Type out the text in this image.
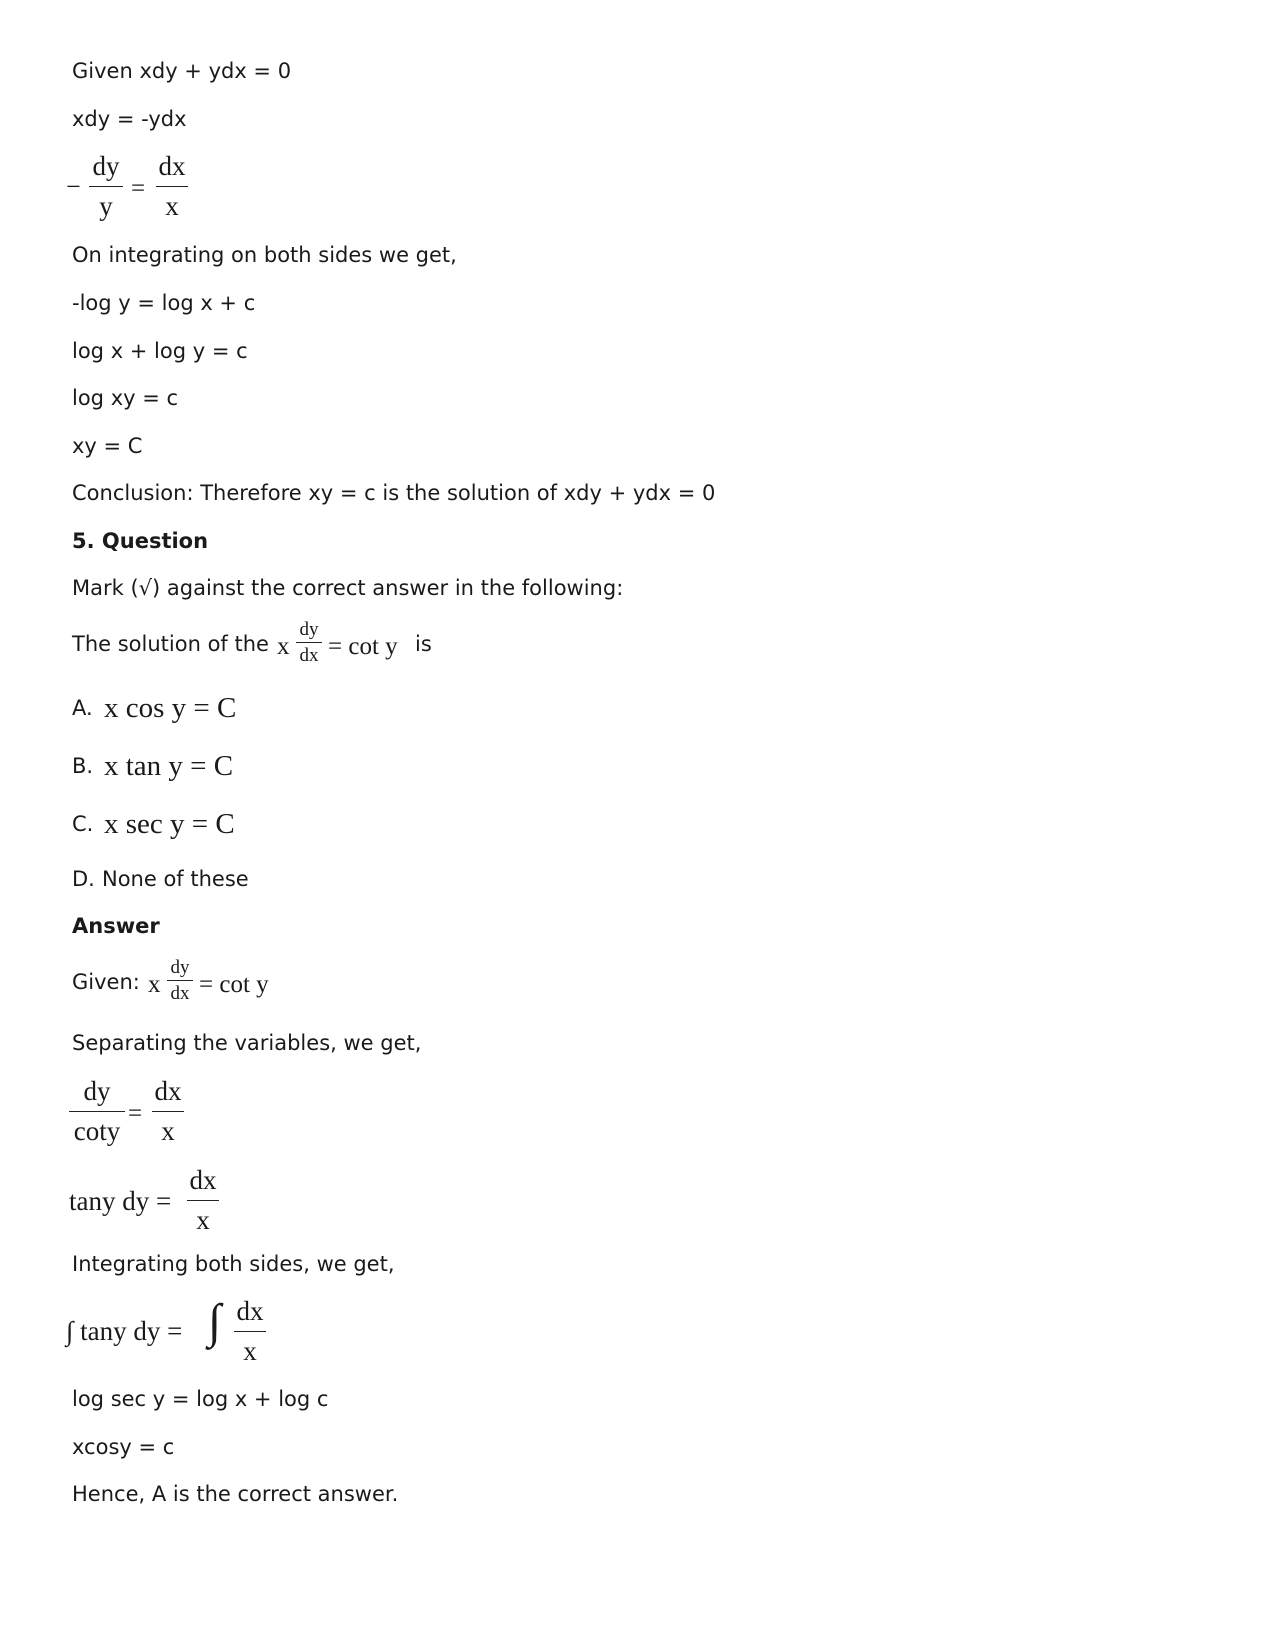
Given xdy + ydx = 0
xdy = -ydx
−
dy
y
=
dx
x
On integrating on both sides we get,
-log y = log x + c
log x + log y = c
log xy = c
xy = C
Conclusion: Therefore xy = c is the solution of xdy + ydx = 0
5. Question
Mark (√) against the correct answer in the following:
The solution of the x
dy
dx = cot y is
A. x cos y = C
B. x tan y = C
C. x sec y = C
D. None of these
Answer
Given: x
dy
dx = cot y
Separating the variables, we get,
dy
coty
=
dx
x
tany dy =
dx
x
Integrating both sides, we get,
∫ tany dy = ∫ dx
x
log sec y = log x + log c
xcosy = c
Hence, A is the correct answer.
